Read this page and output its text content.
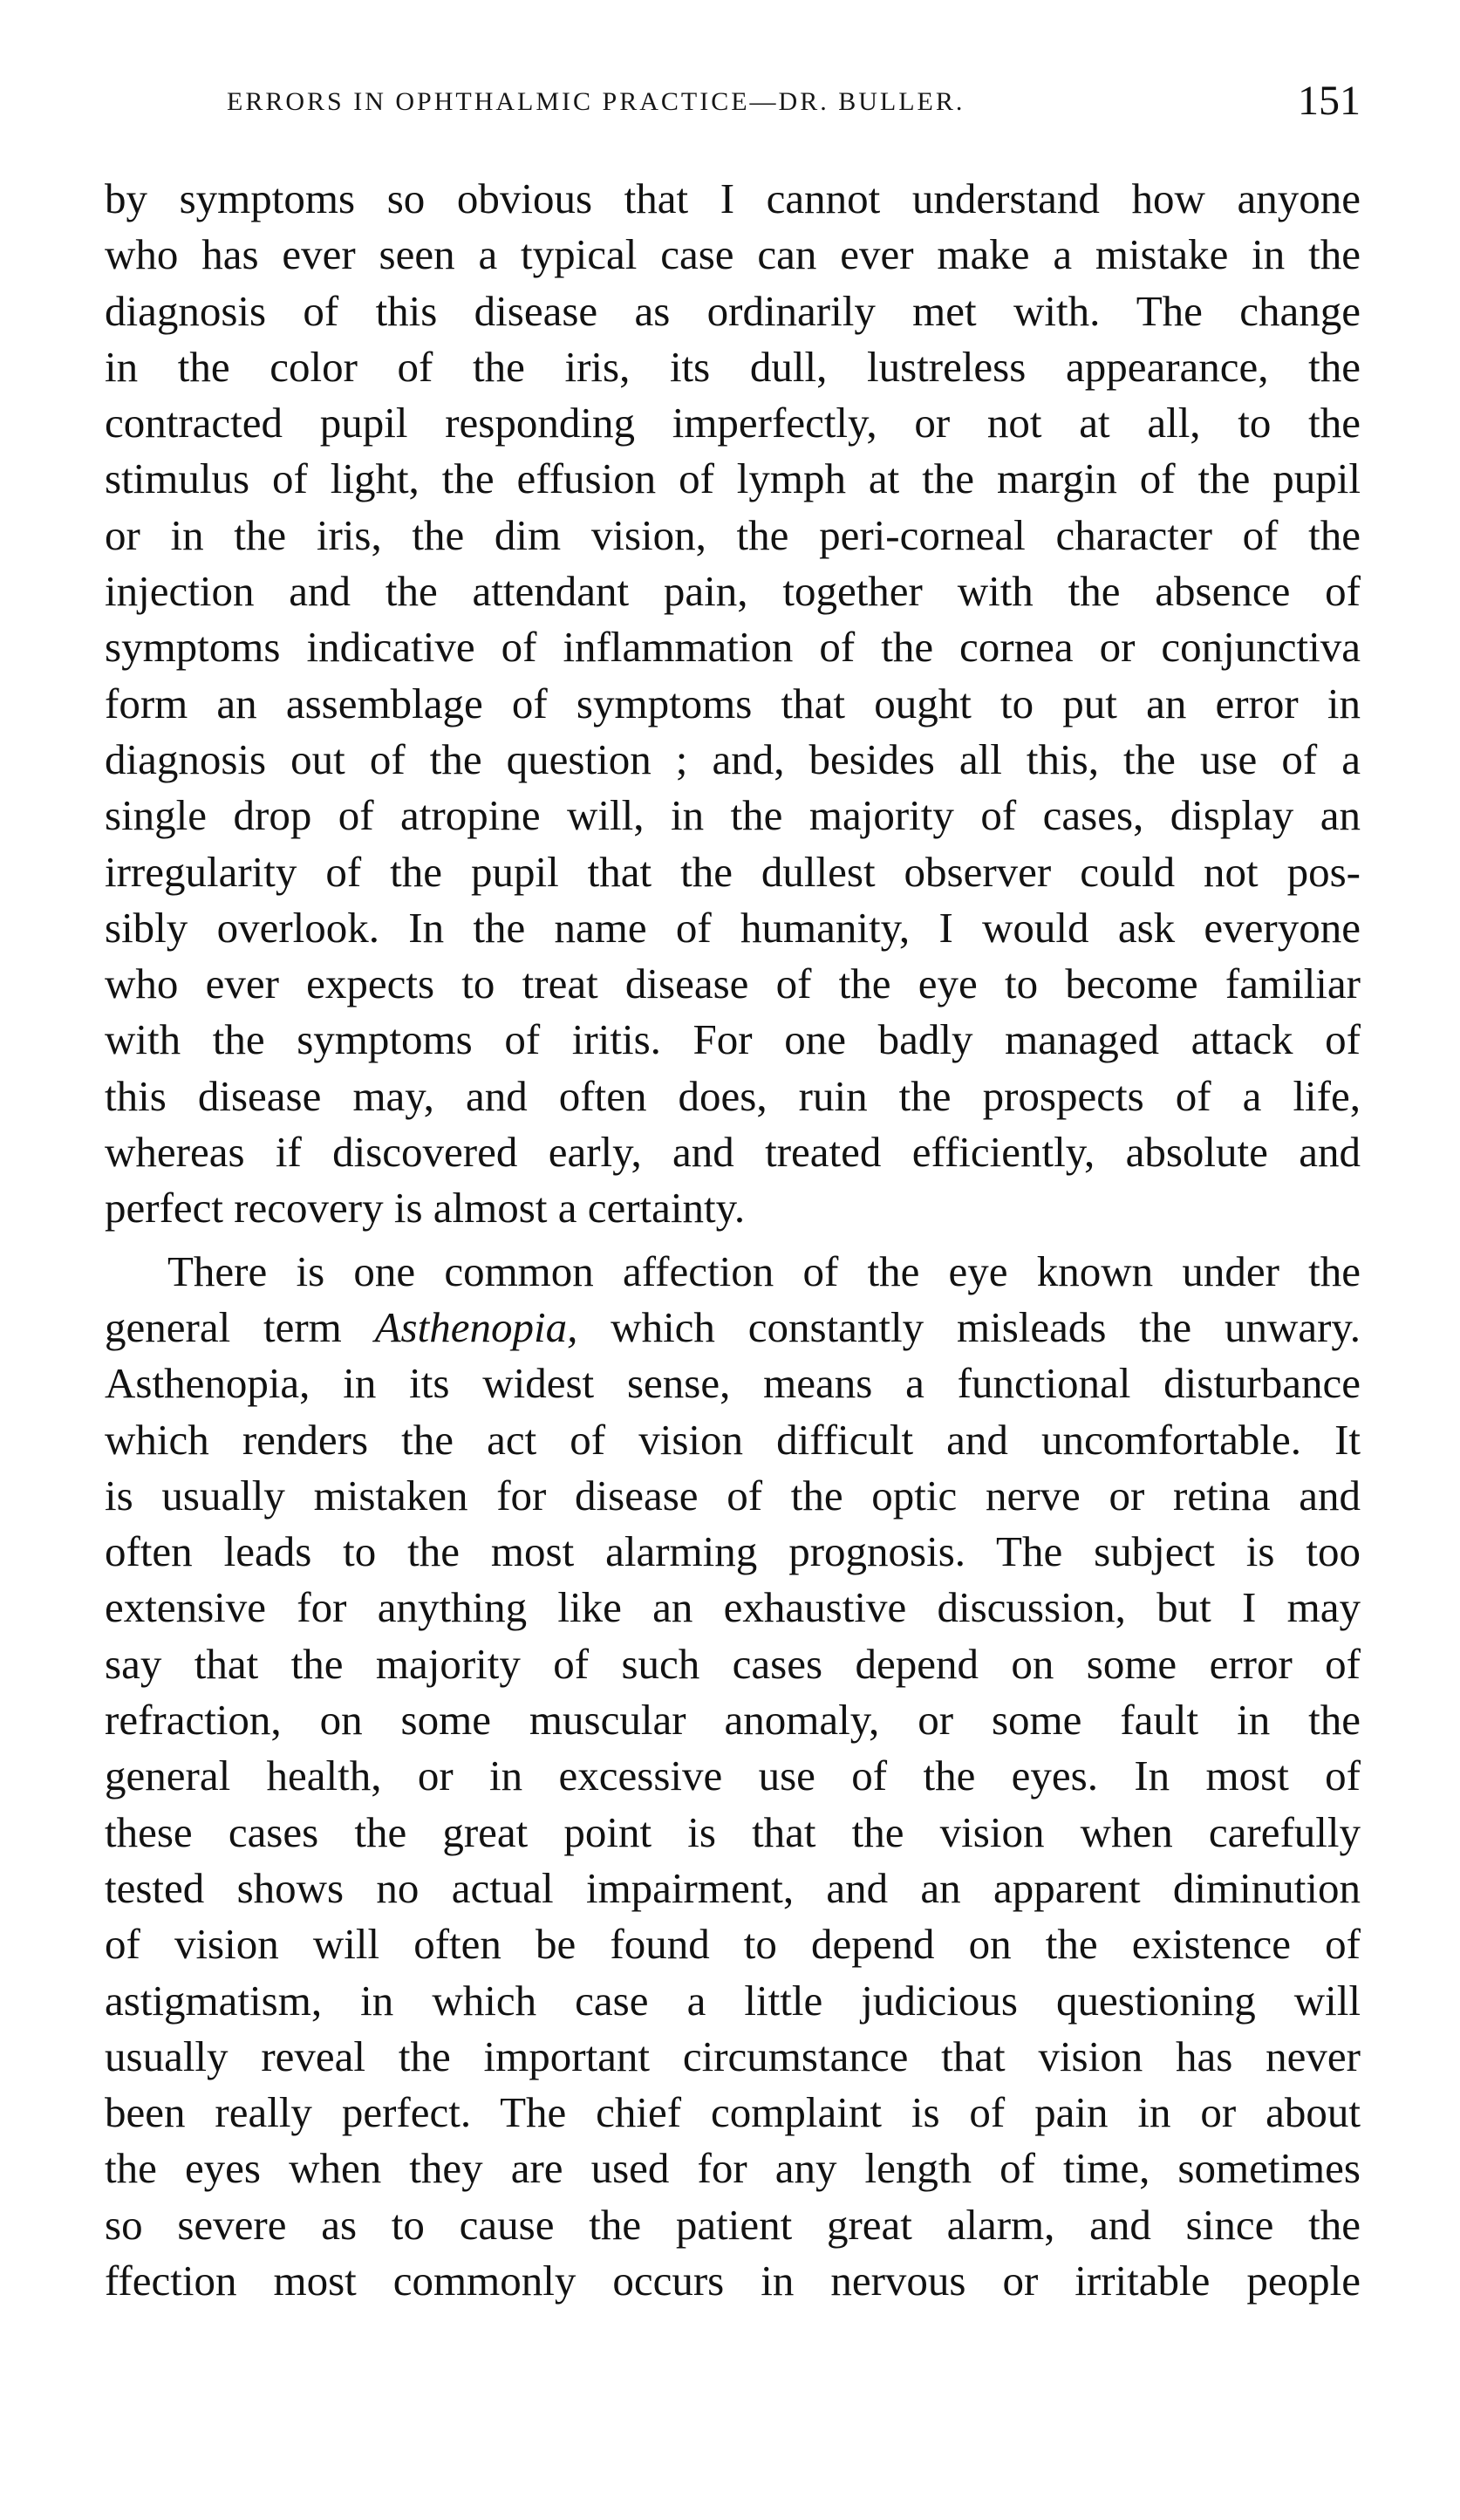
ERRORS IN OPHTHALMIC PRACTICE—DR. BULLER.	151
by symptoms so obvious that I cannot understand how anyone
who has ever seen a typical case can ever make a mistake in the
diagnosis of this disease as ordinarily met with. The change
in the color of the iris, its dull, lustreless appearance, the
contracted pupil responding imperfectly, or not at all, to the
stimulus of light, the effusion of lymph at the margin of the pupil
or in the iris, the dim vision, the peri-corneal character of the
injection and the attendant pain, together with the absence of
symptoms indicative of inflammation of the cornea or conjunctiva
form an assemblage of symptoms that ought to put an error in
diagnosis out of the question ; and, besides all this, the use of a
single drop of atropine will, in the majority of cases, display an
irregularity of the pupil that the dullest observer could not pos-
sibly overlook. In the name of humanity, I would ask everyone
who ever expects to treat disease of the eye to become familiar
with the symptoms of iritis. For one badly managed attack of
this disease may, and often does, ruin the prospects of a life,
whereas if discovered early, and treated efficiently, absolute and
perfect recovery is almost a certainty.
There is one common affection of the eye known under the
general term Asthenopia, which constantly misleads the unwary.
Asthenopia, in its widest sense, means a functional disturbance
which renders the act of vision difficult and uncomfortable. It
is usually mistaken for disease of the optic nerve or retina and
often leads to the most alarming prognosis. The subject is too
extensive for anything like an exhaustive discussion, but I may
say that the majority of such cases depend on some error of
refraction, on some muscular anomaly, or some fault in the
general health, or in excessive use of the eyes. In most of
these cases the great point is that the vision when carefully
tested shows no actual impairment, and an apparent diminution
of vision will often be found to depend on the existence of
astigmatism, in which case a little judicious questioning will
usually reveal the important circumstance that vision has never
been really perfect. The chief complaint is of pain in or about
the eyes when they are used for any length of time, sometimes
so severe as to cause the patient great alarm, and since the
ffection most commonly occurs in nervous or irritable people
